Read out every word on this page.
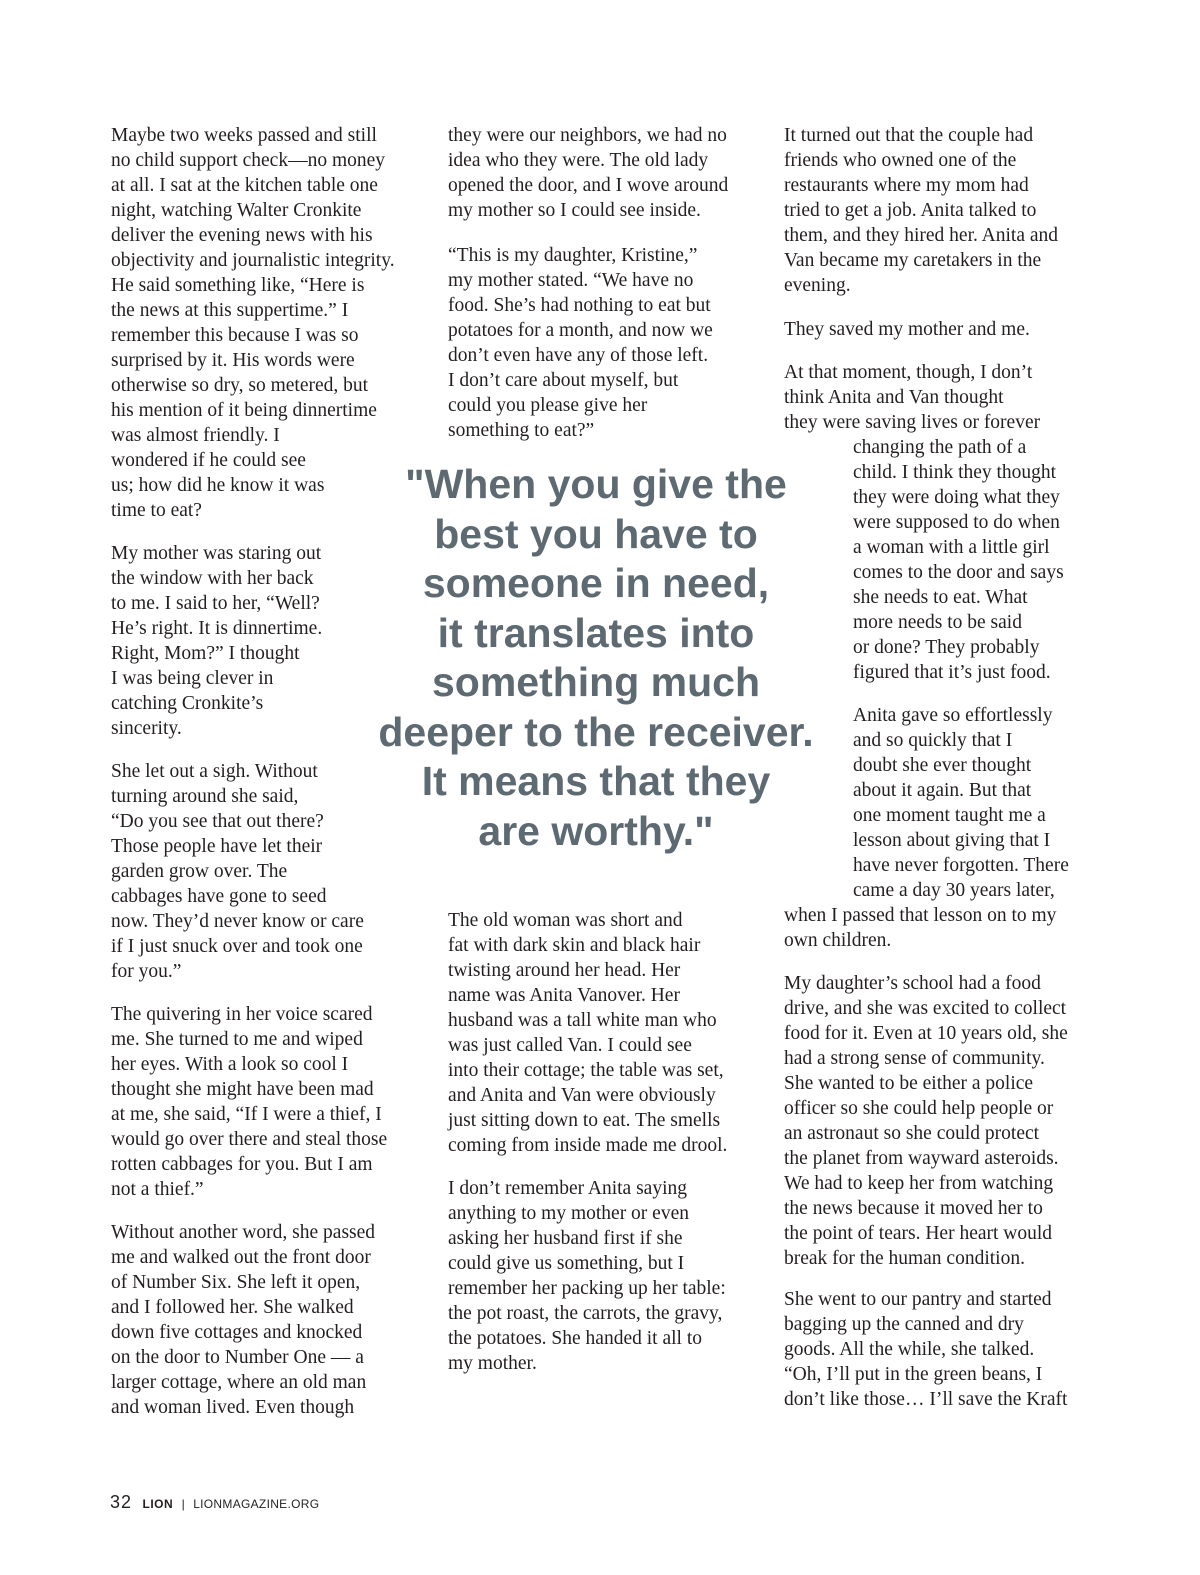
Maybe two weeks passed and still
no child support check—no money
at all. I sat at the kitchen table one
night, watching Walter Cronkite
deliver the evening news with his
objectivity and journalistic integrity.
He said something like, “Here is
the news at this suppertime.” I
remember this because I was so
surprised by it. His words were
otherwise so dry, so metered, but
his mention of it being dinnertime
was almost friendly. I
wondered if he could see
us; how did he know it was
time to eat?
My mother was staring out
the window with her back
to me. I said to her, “Well?
He’s right. It is dinnertime.
Right, Mom?” I thought
I was being clever in
catching Cronkite’s
sincerity.
She let out a sigh. Without
turning around she said,
“Do you see that out there?
Those people have let their
garden grow over. The
cabbages have gone to seed
now. They’d never know or care
if I just snuck over and took one
for you.”
The quivering in her voice scared
me. She turned to me and wiped
her eyes. With a look so cool I
thought she might have been mad
at me, she said, “If I were a thief, I
would go over there and steal those
rotten cabbages for you. But I am
not a thief.”
Without another word, she passed
me and walked out the front door
of Number Six. She left it open,
and I followed her. She walked
down five cottages and knocked
on the door to Number One — a
larger cottage, where an old man
and woman lived. Even though
they were our neighbors, we had no
idea who they were. The old lady
opened the door, and I wove around
my mother so I could see inside.
“This is my daughter, Kristine,”
my mother stated. “We have no
food. She’s had nothing to eat but
potatoes for a month, and now we
don’t even have any of those left.
I don’t care about myself, but
could you please give her
something to eat?”
The old woman was short and
fat with dark skin and black hair
twisting around her head. Her
name was Anita Vanover. Her
husband was a tall white man who
was just called Van. I could see
into their cottage; the table was set,
and Anita and Van were obviously
just sitting down to eat. The smells
coming from inside made me drool.
I don’t remember Anita saying
anything to my mother or even
asking her husband first if she
could give us something, but I
remember her packing up her table:
the pot roast, the carrots, the gravy,
the potatoes. She handed it all to
my mother.
It turned out that the couple had
friends who owned one of the
restaurants where my mom had
tried to get a job. Anita talked to
them, and they hired her. Anita and
Van became my caretakers in the
evening.
They saved my mother and me.
At that moment, though, I don’t
think Anita and Van thought
they were saving lives or forever
changing the path of a
child. I think they thought
they were doing what they
were supposed to do when
a woman with a little girl
comes to the door and says
she needs to eat. What
more needs to be said
or done? They probably
figured that it’s just food.
Anita gave so effortlessly
and so quickly that I
doubt she ever thought
about it again. But that
one moment taught me a
lesson about giving that I
have never forgotten. There
came a day 30 years later,
when I passed that lesson on to my
own children.
My daughter’s school had a food
drive, and she was excited to collect
food for it. Even at 10 years old, she
had a strong sense of community.
She wanted to be either a police
officer so she could help people or
an astronaut so she could protect
the planet from wayward asteroids.
We had to keep her from watching
the news because it moved her to
the point of tears. Her heart would
break for the human condition.
She went to our pantry and started
bagging up the canned and dry
goods. All the while, she talked.
“Oh, I’ll put in the green beans, I
don’t like those… I’ll save the Kraft
"When you give the
best you have to
someone in need,
it translates into
something much
deeper to the receiver.
It means that they
are worthy."
32 LION | LIONMAGAZINE.ORG
